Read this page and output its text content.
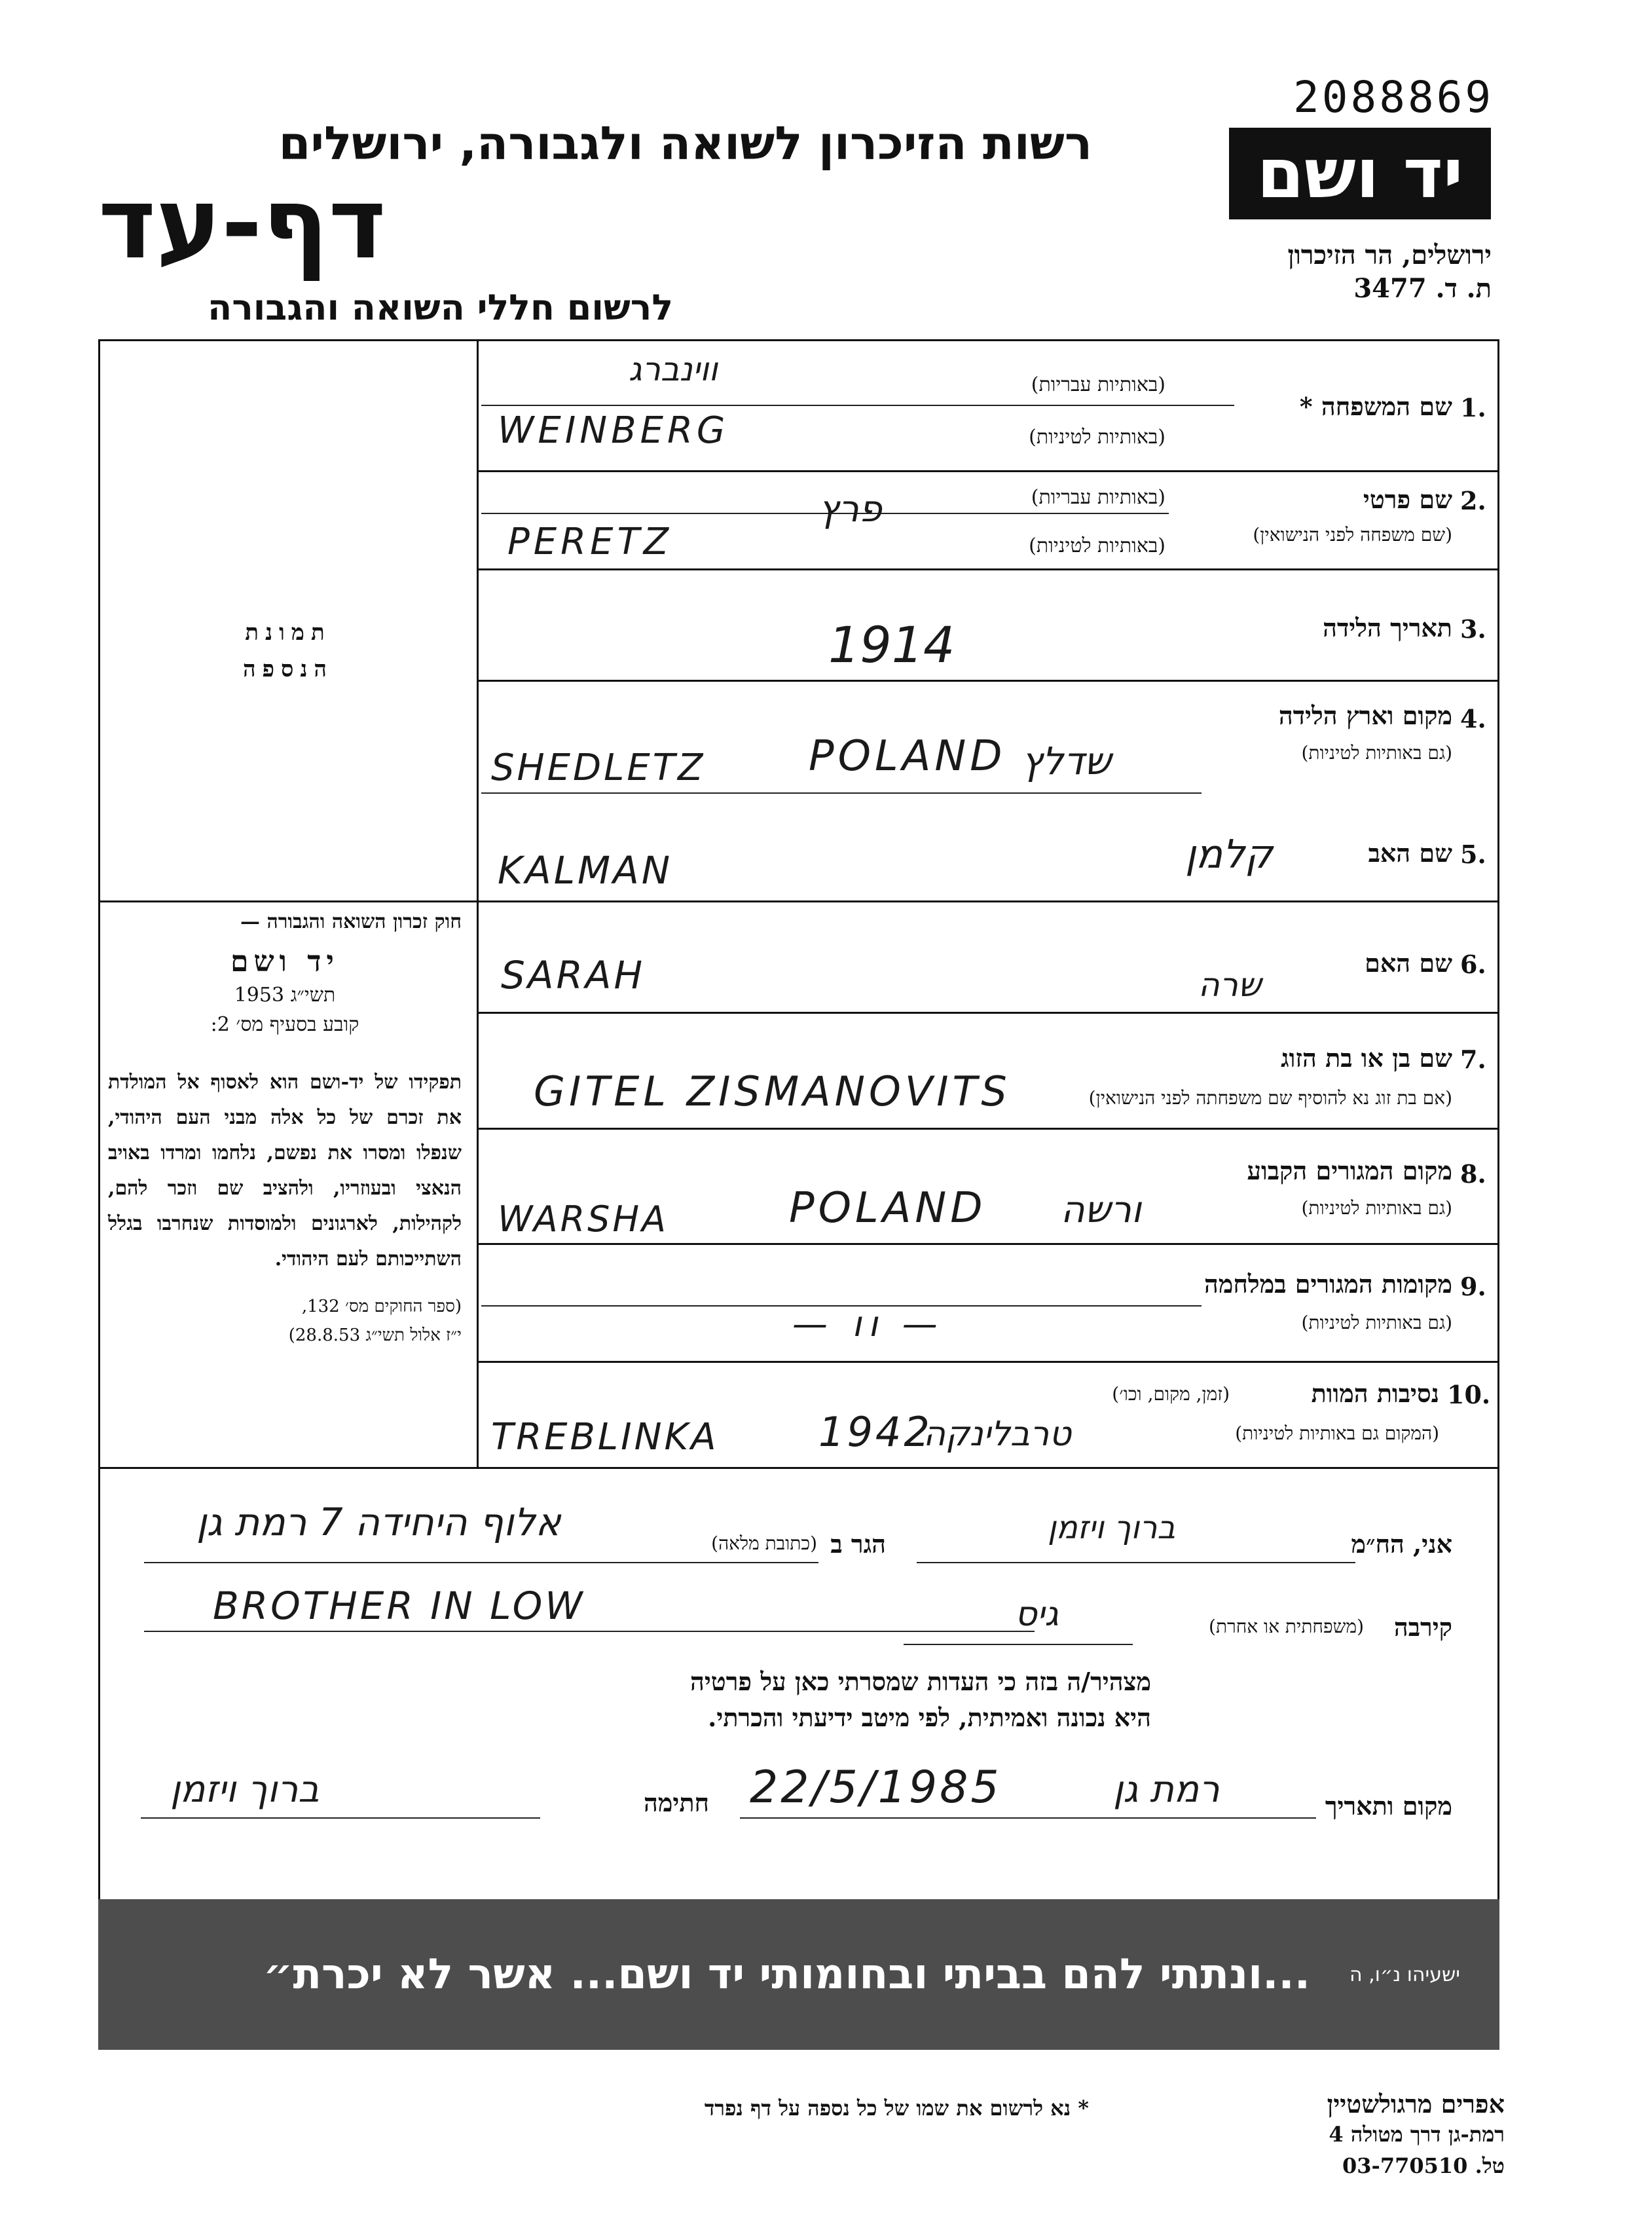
2088869
יד ושם
ירושלים, הר הזיכרון
ת. ד. 3477
רשות הזיכרון לשואה ולגבורה, ירושלים
דף-עד
לרשום חללי השואה והגבורה
תמונת
הנספה
חוק זכרון השואה והגבורה —
יד ושם
תשי״ג 1953
קובע בסעיף מס׳ 2:
תפקידו של יד-ושם הוא לאסוף אל המולדת את זכרם של כל אלה מבני העם היהודי, שנפלו ומסרו את נפשם, נלחמו ומרדו באויב הנאצי ובעוזריו, ולהציב שם וזכר להם, לקהילות, לארגונים ולמוסדות שנחרבו בגלל השתייכותם לעם היהודי.
(ספר החוקים מס׳ 132,
י״ז אלול תשי״ג 28.8.53)
1.
שם המשפחה *
(באותיות עבריות)
(באותיות לטיניות)
WEINBERG
ווינברג
2.
שם פרטי
(שם משפחה לפני הנישואין)
(באותיות עבריות)
(באותיות לטיניות)
PERETZ
פרץ
3.
תאריך הלידה
1914
4.
מקום וארץ הלידה
(גם באותיות לטיניות)
SHEDLETZ POLAND שדלץ
5.
שם האב
KALMAN	קלמן
6.
שם האם
SARAH	שרה
7.
שם בן או בת הזוג
(אם בת זוג נא להוסיף שם משפחתה לפני הנישואין)
GITEL ZISMANOVITS
8.
מקום המגורים הקבוע
(גם באותיות לטיניות)
WARSHA	POLAND ורשה
9.
מקומות המגורים במלחמה
(גם באותיות לטיניות)
— וו —
10.
נסיבות המוות
(זמן, מקום, וכו׳)
(המקום גם באותיות לטיניות)
TREBLINKA 1942
טרבלינקה
אני, הח״מ
ברוך ויזמן
הגר ב
(כתובת מלאה)
אלוף היחידה 7 רמת גן
קירבה
(משפחתית או אחרת)
גיס
BROTHER IN LOW
מצהיר/ה בזה כי העדות שמסרתי כאן על פרטיה
היא נכונה ואמיתית, לפי מיטב ידיעתי והכרתי.
מקום ותאריך
רמת גן
22/5/1985
חתימה
ברוך ויזמן
...ונתתי להם בביתי ובחומותי יד ושם... אשר לא יכרת״ ישעיהו נ״ו, ה
* נא לרשום את שמו של כל נספה על דף נפרד	אפרים מרגולשטיין
רמת-גן דרך מטולה 4
טל. 03-770510
